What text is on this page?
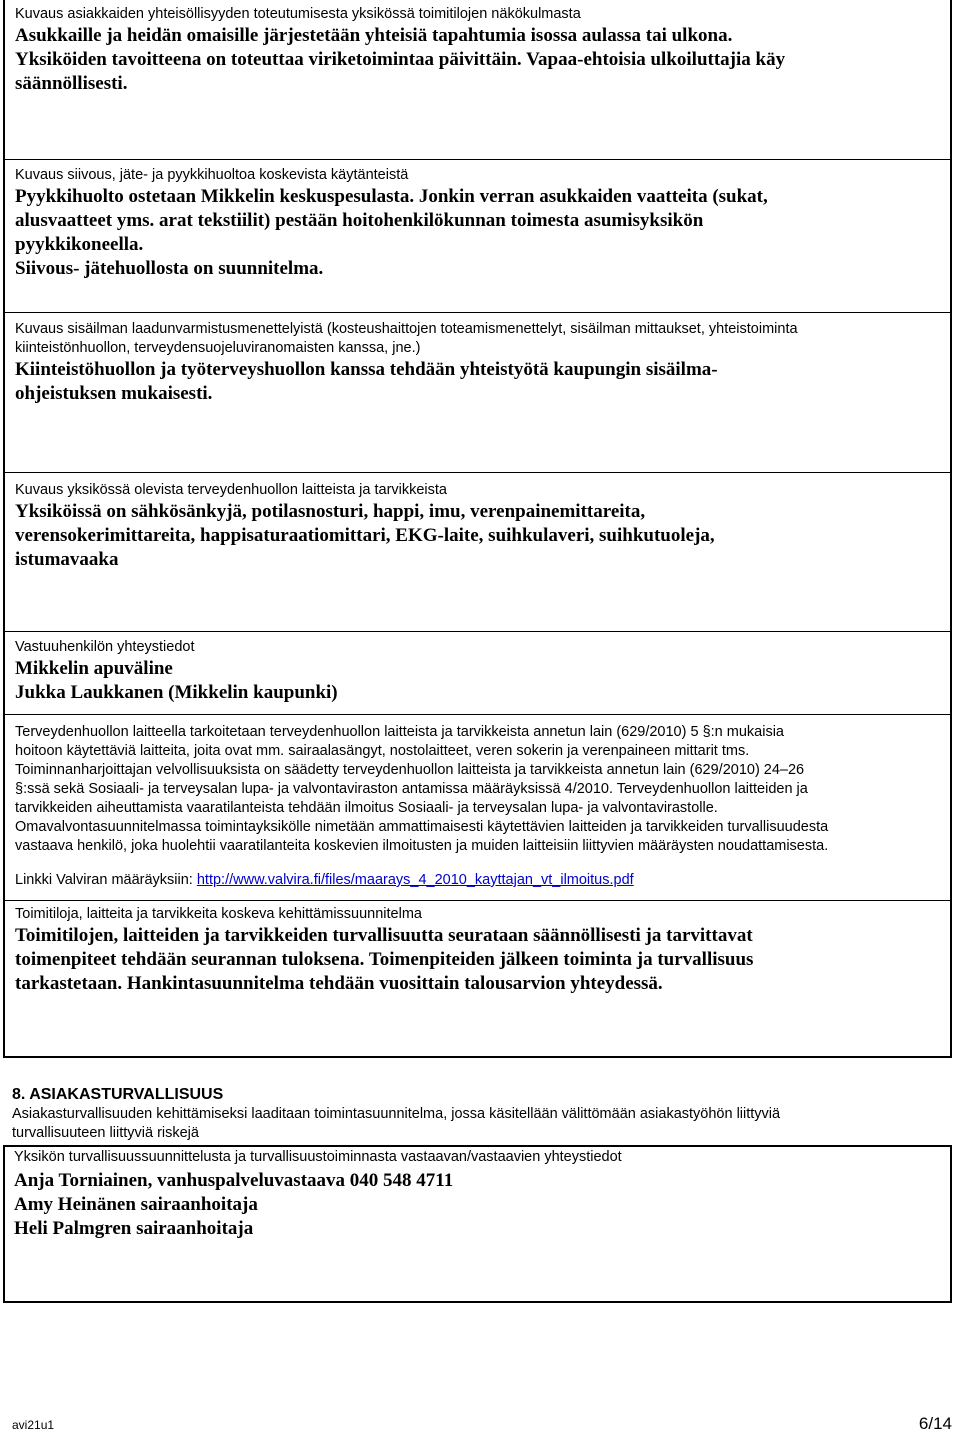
Kuvaus asiakkaiden yhteisöllisyyden toteutumisesta yksikössä toimitilojen näkökulmasta

Asukkaille ja heidän omaisille järjestetään yhteisiä tapahtumia isossa aulassa tai ulkona.

Yksiköiden tavoitteena on toteuttaa viriketoimintaa päivittäin. Vapaa-ehtoisia ulkoiluttajia käy

säännöllisesti.

Kuvaus siivous, jäte- ja pyykkihuoltoa koskevista käytänteistä

Pyykkihuolto ostetaan Mikkelin keskuspesulasta. Jonkin verran asukkaiden vaatteita (sukat,

alusvaatteet yms. arat tekstiilit) pestään hoitohenkilökunnan toimesta asumisyksikön

pyykkikoneella.

Siivous- jätehuollosta on suunnitelma.

Kuvaus sisäilman laadunvarmistusmenettelyistä (kosteushaittojen toteamismenettelyt, sisäilman mittaukset, yhteistoiminta

kiinteistönhuollon, terveydensuojeluviranomaisten kanssa, jne.)

Kiinteistöhuollon ja työterveyshuollon kanssa tehdään yhteistyötä kaupungin sisäilma-

ohjeistuksen mukaisesti.

Kuvaus yksikössä olevista terveydenhuollon laitteista ja tarvikkeista

Yksiköissä on sähkösänkyjä, potilasnosturi, happi, imu, verenpainemittareita,

verensokerimittareita, happisaturaatiomittari, EKG-laite, suihkulaveri, suihkutuoleja,

istumavaaka

Vastuuhenkilön yhteystiedot

Mikkelin apuväline

Jukka Laukkanen (Mikkelin kaupunki)

Terveydenhuollon laitteella tarkoitetaan terveydenhuollon laitteista ja tarvikkeista annetun lain (629/2010) 5 §:n mukaisia

hoitoon käytettäviä laitteita, joita ovat mm. sairaalasängyt, nostolaitteet, veren sokerin ja verenpaineen mittarit tms.

Toiminnanharjoittajan velvollisuuksista on säädetty terveydenhuollon laitteista ja tarvikkeista annetun lain (629/2010) 24–26

§:ssä sekä Sosiaali- ja terveysalan lupa- ja valvontaviraston antamissa määräyksissä 4/2010. Terveydenhuollon laitteiden ja

tarvikkeiden aiheuttamista vaaratilanteista tehdään ilmoitus Sosiaali- ja terveysalan lupa- ja valvontavirastolle.

Omavalvontasuunnitelmassa toimintayksikölle nimetään ammattimaisesti käytettävien laitteiden ja tarvikkeiden turvallisuudesta

vastaava henkilö, joka huolehtii vaaratilanteita koskevien ilmoitusten ja muiden laitteisiin liittyvien määräysten noudattamisesta.

Linkki Valviran määräyksiin: http://www.valvira.fi/files/maarays_4_2010_kayttajan_vt_ilmoitus.pdf

Toimitiloja, laitteita ja tarvikkeita koskeva kehittämissuunnitelma

Toimitilojen, laitteiden ja tarvikkeiden turvallisuutta seurataan säännöllisesti ja tarvittavat

toimenpiteet tehdään seurannan tuloksena. Toimenpiteiden jälkeen toiminta ja turvallisuus

tarkastetaan. Hankintasuunnitelma tehdään vuosittain talousarvion yhteydessä.

8. ASIAKASTURVALLISUUS

Asiakasturvallisuuden kehittämiseksi laaditaan toimintasuunnitelma, jossa käsitellään välittömään asiakastyöhön liittyviä

turvallisuuteen liittyviä riskejä

Yksikön turvallisuussuunnittelusta ja turvallisuustoiminnasta vastaavan/vastaavien yhteystiedot

Anja Torniainen, vanhuspalveluvastaava 040 548 4711

Amy Heinänen sairaanhoitaja

Heli Palmgren sairaanhoitaja

avi21u1	6/14
